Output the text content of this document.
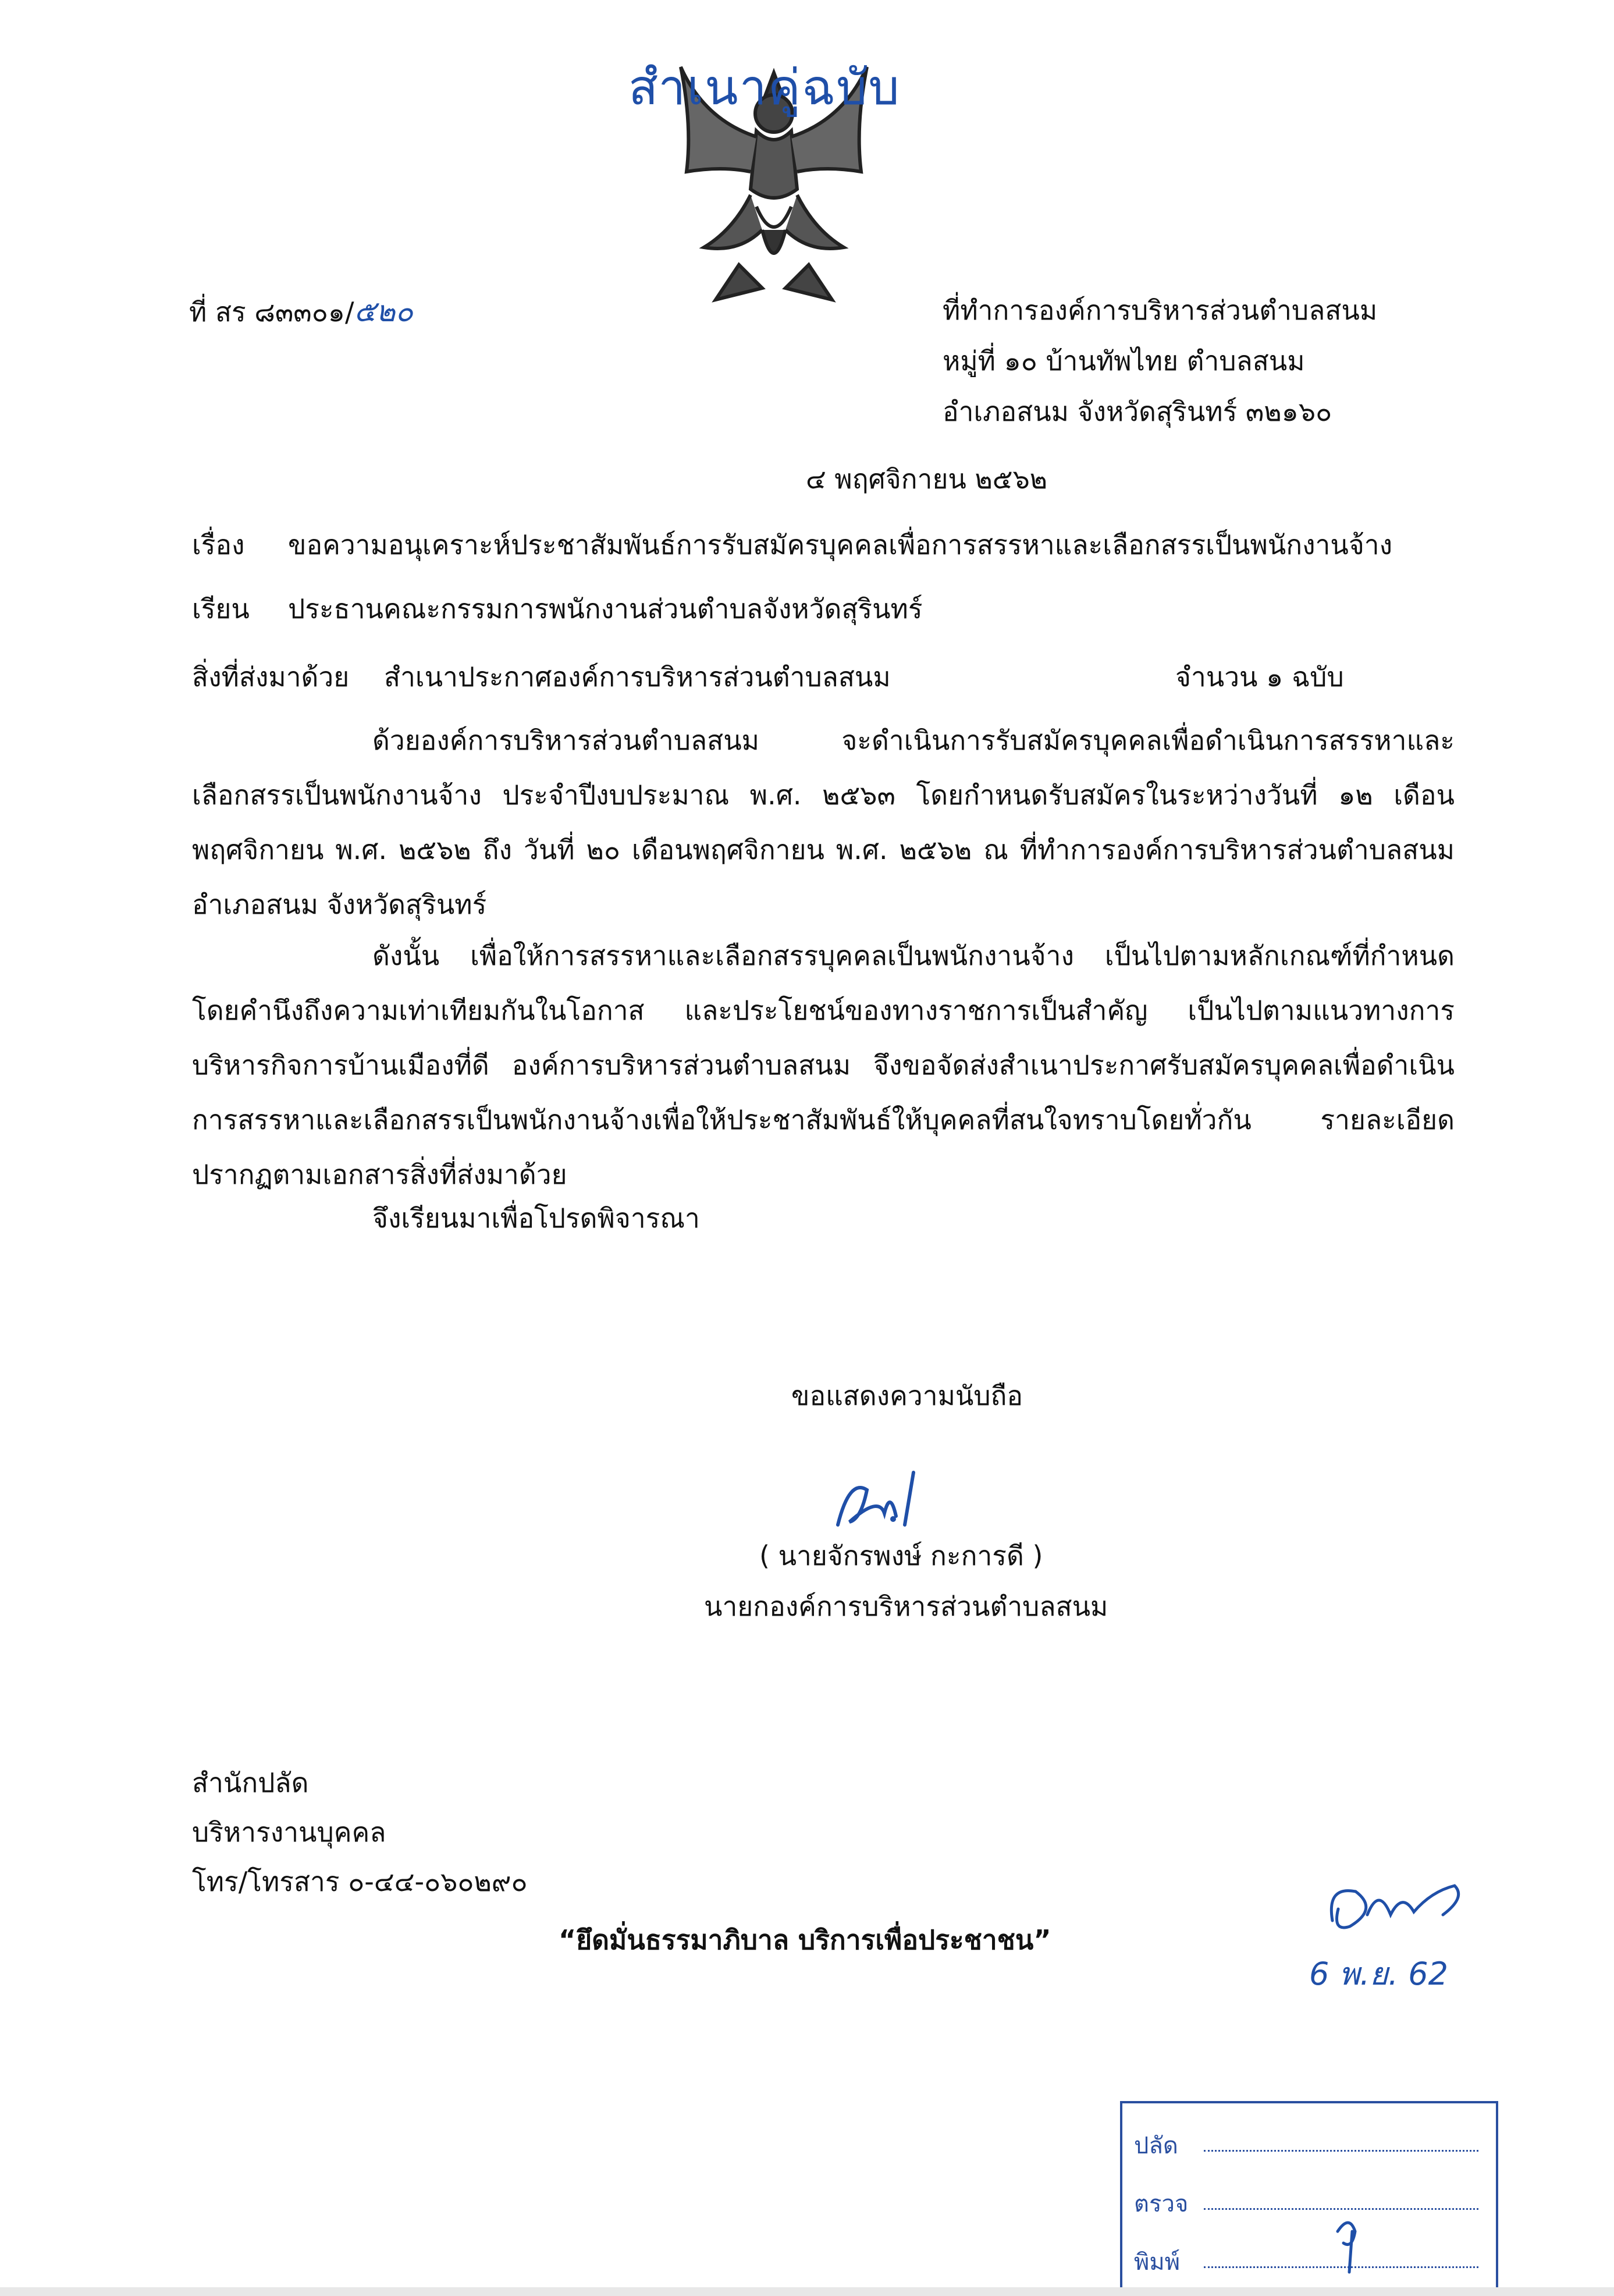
สำเนาคู่ฉบับ
ที่ สร ๘๓๓๐๑/๕๒๐	ที่ทำการองค์การบริหารส่วนตำบลสนม
หมู่ที่ ๑๐ บ้านทัพไทย ตำบลสนม
อำเภอสนม จังหวัดสุรินทร์ ๓๒๑๖๐
๔ พฤศจิกายน ๒๕๖๒
เรื่อง ขอความอนุเคราะห์ประชาสัมพันธ์การรับสมัครบุคคลเพื่อการสรรหาและเลือกสรรเป็นพนักงานจ้าง
เรียน ประธานคณะกรรมการพนักงานส่วนตำบลจังหวัดสุรินทร์
สิ่งที่ส่งมาด้วย สำเนาประกาศองค์การบริหารส่วนตำบลสนม	จำนวน ๑ ฉบับ
ด้วยองค์การบริหารส่วนตำบลสนม จะดำเนินการรับสมัครบุคคลเพื่อดำเนินการสรรหาและเลือกสรรเป็นพนักงานจ้าง ประจำปีงบประมาณ พ.ศ. ๒๕๖๓ โดยกำหนดรับสมัครในระหว่างวันที่ ๑๒ เดือนพฤศจิกายน พ.ศ. ๒๕๖๒ ถึง วันที่ ๒๐ เดือนพฤศจิกายน พ.ศ. ๒๕๖๒ ณ ที่ทำการองค์การบริหารส่วนตำบลสนม อำเภอสนม จังหวัดสุรินทร์
ดังนั้น เพื่อให้การสรรหาและเลือกสรรบุคคลเป็นพนักงานจ้าง เป็นไปตามหลักเกณฑ์ที่กำหนดโดยคำนึงถึงความเท่าเทียมกันในโอกาส และประโยชน์ของทางราชการเป็นสำคัญ เป็นไปตามแนวทางการบริหารกิจการบ้านเมืองที่ดี องค์การบริหารส่วนตำบลสนม จึงขอจัดส่งสำเนาประกาศรับสมัครบุคคลเพื่อดำเนินการสรรหาและเลือกสรรเป็นพนักงานจ้างเพื่อให้ประชาสัมพันธ์ให้บุคคลที่สนใจทราบโดยทั่วกัน รายละเอียดปรากฏตามเอกสารสิ่งที่ส่งมาด้วย
จึงเรียนมาเพื่อโปรดพิจารณา
ขอแสดงความนับถือ
( นายจักรพงษ์ กะการดี )
นายกองค์การบริหารส่วนตำบลสนม
สำนักปลัด
บริหารงานบุคคล
โทร/โทรสาร ๐-๔๔-๐๖๐๒๙๐
“ยึดมั่นธรรมาภิบาล บริการเพื่อประชาชน”
6 พ.ย. 62
ปลัด
ตรวจ
พิมพ์
